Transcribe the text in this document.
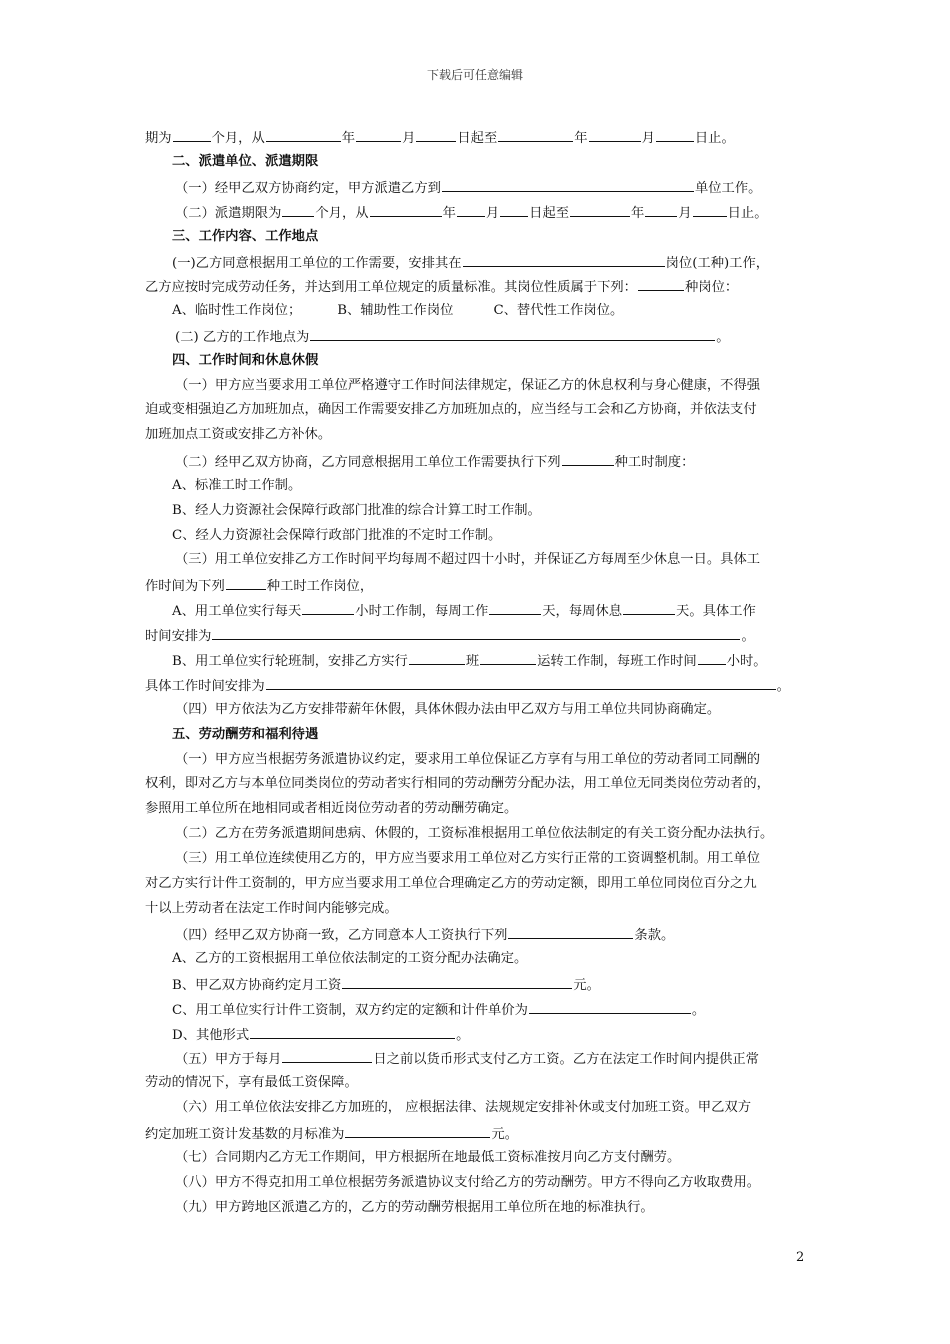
下载后可任意编辑
期为	个月，从	年	月	日起至	年	月	日止。
二、派遣单位、派遣期限
（一）经甲乙双方协商约定，甲方派遣乙方到	单位工作。
（二）派遣期限为	个月，从	年 月 日起至	年	月	日止。
三、工作内容、工作地点
(一)乙方同意根据用工单位的工作需要，安排其在	岗位(工种)工作，
乙方应按时完成劳动任务，并达到用工单位规定的质量标准。其岗位性质属于下列：	种岗位：
A、临时性工作岗位；	B、辅助性工作岗位	C、替代性工作岗位。
(二) 乙方的工作地点为	。
四、工作时间和休息休假
（一）甲方应当要求用工单位严格遵守工作时间法律规定，保证乙方的休息权利与身心健康，不得强
迫或变相强迫乙方加班加点，确因工作需要安排乙方加班加点的，应当经与工会和乙方协商，并依法支付
加班加点工资或安排乙方补休。
（二）经甲乙双方协商，乙方同意根据用工单位工作需要执行下列	种工时制度：
A、标准工时工作制。
B、经人力资源社会保障行政部门批准的综合计算工时工作制。
C、经人力资源社会保障行政部门批准的不定时工作制。
（三）用工单位安排乙方工作时间平均每周不超过四十小时，并保证乙方每周至少休息一日。具体工
作时间为下列	种工时工作岗位，
A、用工单位实行每天	小时工作制，每周工作	天，每周休息	天。具体工作
时间安排为	。
B、用工单位实行轮班制，安排乙方实行	班	运转工作制，每班工作时间 小时。
具体工作时间安排为	。
（四）甲方依法为乙方安排带薪年休假，具体休假办法由甲乙双方与用工单位共同协商确定。
五、劳动酬劳和福利待遇
（一）甲方应当根据劳务派遣协议约定，要求用工单位保证乙方享有与用工单位的劳动者同工同酬的
权利，即对乙方与本单位同类岗位的劳动者实行相同的劳动酬劳分配办法，用工单位无同类岗位劳动者的，
参照用工单位所在地相同或者相近岗位劳动者的劳动酬劳确定。
（二）乙方在劳务派遣期间患病、休假的，工资标准根据用工单位依法制定的有关工资分配办法执行。
（三）用工单位连续使用乙方的，甲方应当要求用工单位对乙方实行正常的工资调整机制。用工单位
对乙方实行计件工资制的，甲方应当要求用工单位合理确定乙方的劳动定额，即用工单位同岗位百分之九
十以上劳动者在法定工作时间内能够完成。
（四）经甲乙双方协商一致，乙方同意本人工资执行下列	条款。
A、乙方的工资根据用工单位依法制定的工资分配办法确定。
B、甲乙双方协商约定月工资	元。
C、用工单位实行计件工资制，双方约定的定额和计件单价为	。
D、其他形式	。
（五）甲方于每月	日之前以货币形式支付乙方工资。乙方在法定工作时间内提供正常
劳动的情况下，享有最低工资保障。
（六）用工单位依法安排乙方加班的， 应根据法律、法规规定安排补休或支付加班工资。甲乙双方
约定加班工资计发基数的月标准为	元。
（七）合同期内乙方无工作期间，甲方根据所在地最低工资标准按月向乙方支付酬劳。
（八）甲方不得克扣用工单位根据劳务派遣协议支付给乙方的劳动酬劳。甲方不得向乙方收取费用。
（九）甲方跨地区派遣乙方的，乙方的劳动酬劳根据用工单位所在地的标准执行。
2
